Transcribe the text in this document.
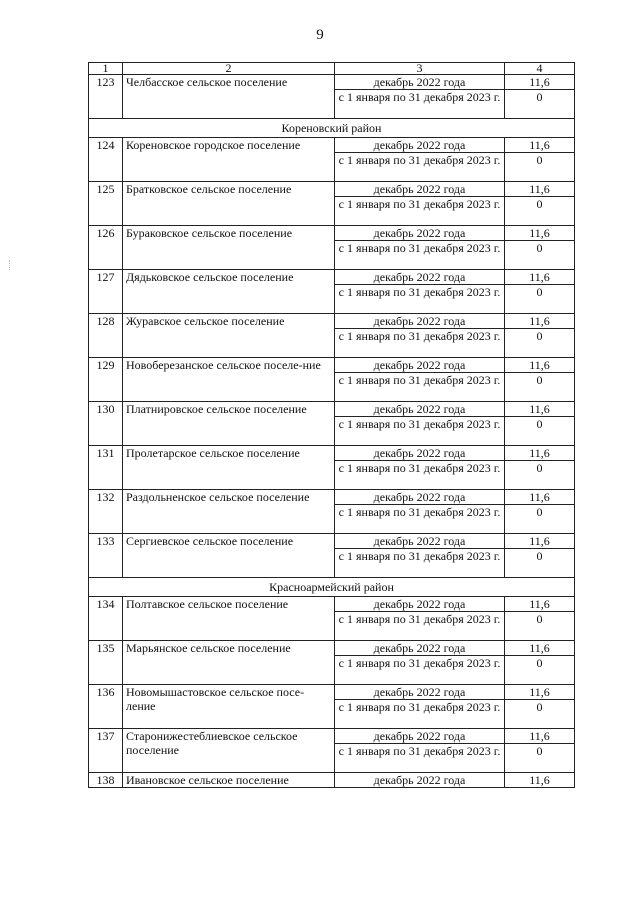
9
1	2	3	4
123	Челбасское сельское поселение	декабрь 2022 года	11,6
		с 1 января по 31 декабря 2023 г.	0
Кореновский район			
124	Кореновское городское поселение	декабрь 2022 года	11,6
		с 1 января по 31 декабря 2023 г.	0
125	Братковское сельское поселение	декабрь 2022 года	11,6
		с 1 января по 31 декабря 2023 г.	0
126	Бураковское сельское поселение	декабрь 2022 года	11,6
		с 1 января по 31 декабря 2023 г.	0
127	Дядьковское сельское поселение	декабрь 2022 года	11,6
		с 1 января по 31 декабря 2023 г.	0
128	Журавское сельское поселение	декабрь 2022 года	11,6
		с 1 января по 31 декабря 2023 г.	0
129	Новоберезанское сельское поселе-ние	декабрь 2022 года	11,6
		с 1 января по 31 декабря 2023 г.	0
130	Платнировское сельское поселение	декабрь 2022 года	11,6
		с 1 января по 31 декабря 2023 г.	0
131	Пролетарское сельское поселение	декабрь 2022 года	11,6
		с 1 января по 31 декабря 2023 г.	0
132	Раздольненское сельское поселение	декабрь 2022 года	11,6
		с 1 января по 31 декабря 2023 г.	0
133	Сергиевское сельское поселение	декабрь 2022 года	11,6
		с 1 января по 31 декабря 2023 г.	0
Красноармейский район			
134	Полтавское сельское поселение	декабрь 2022 года	11,6
		с 1 января по 31 декабря 2023 г.	0
135	Марьянское сельское поселение	декабрь 2022 года	11,6
		с 1 января по 31 декабря 2023 г.	0
136	Новомышастовское сельское посе-ление	декабрь 2022 года	11,6
		с 1 января по 31 декабря 2023 г.	0
137	Старонижестеблиевское сельское поселение	декабрь 2022 года	11,6
		с 1 января по 31 декабря 2023 г.	0
138	Ивановское сельское поселение	декабрь 2022 года	11,6
